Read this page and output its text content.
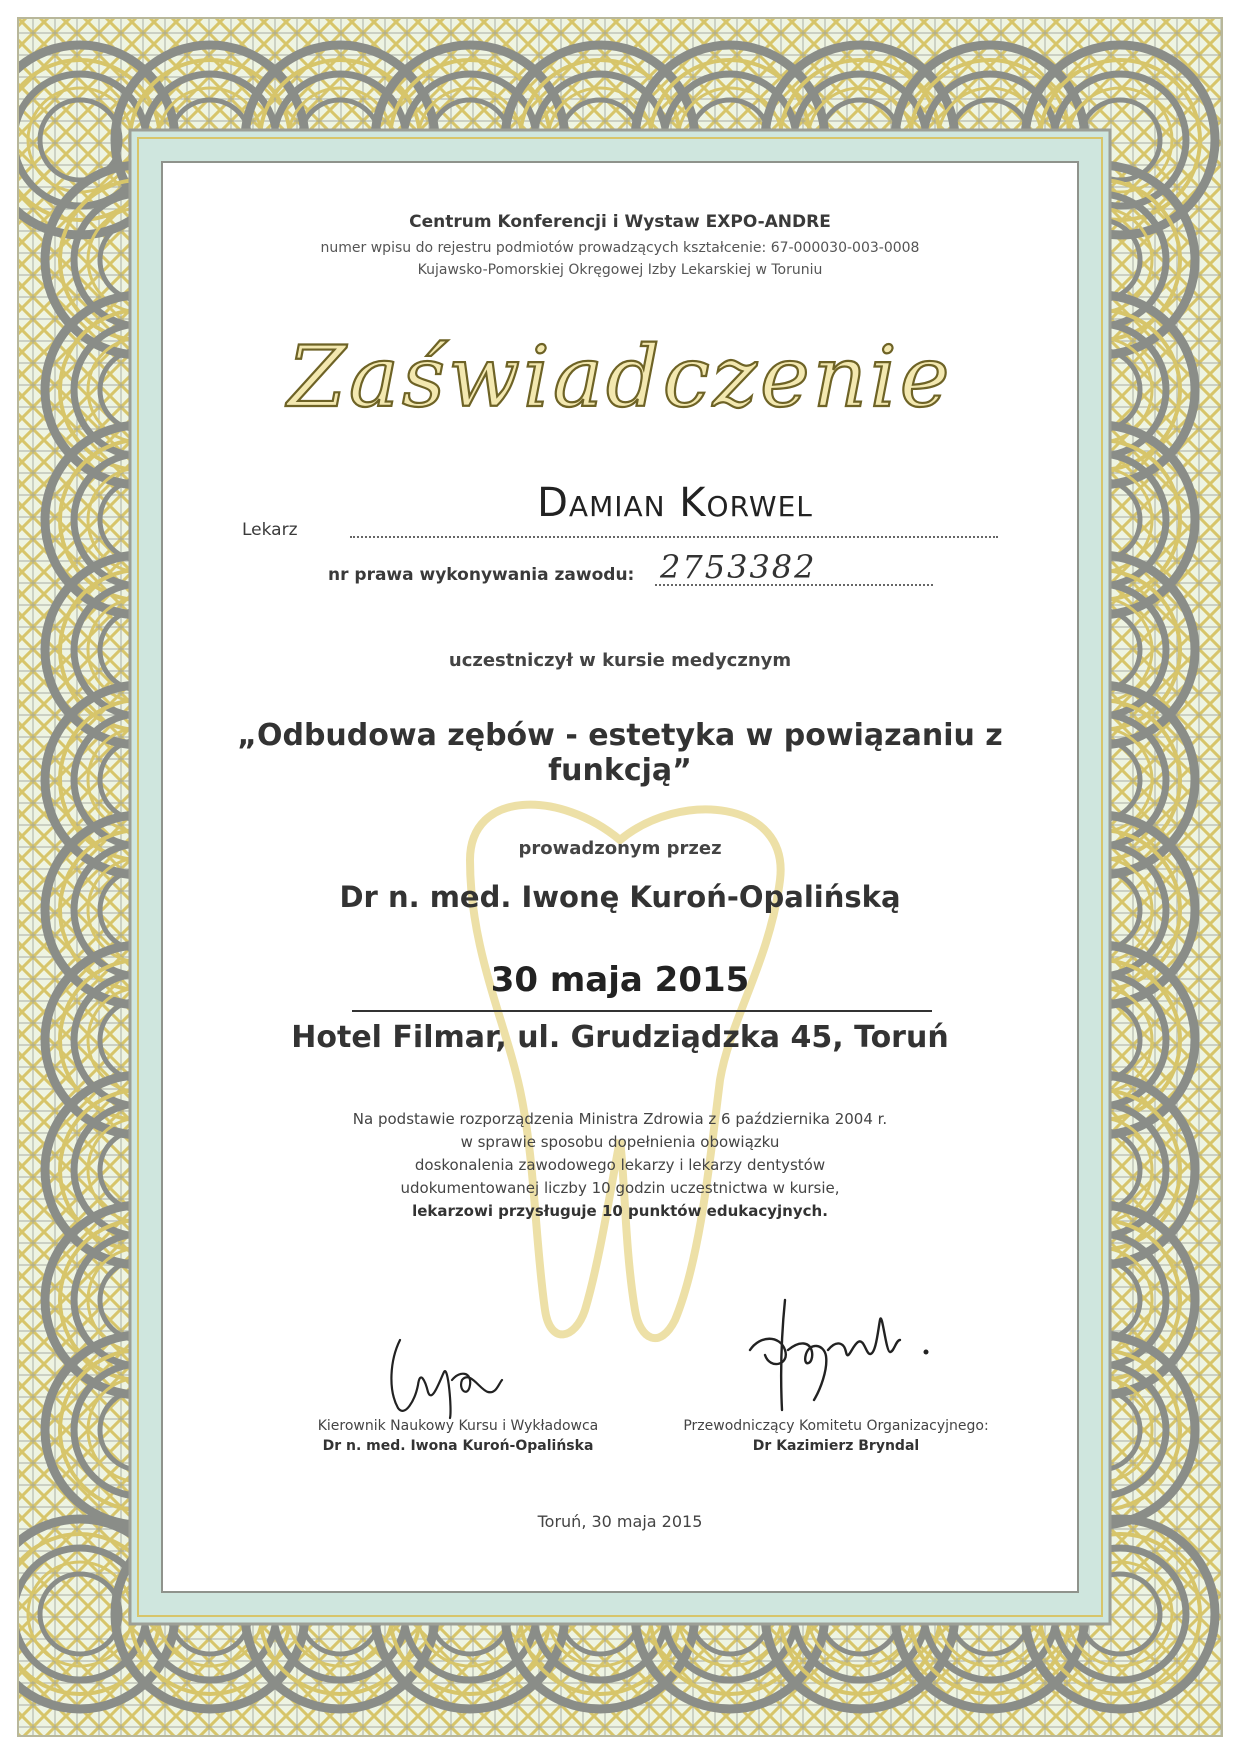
Centrum Konferencji i Wystaw EXPO-ANDRE
numer wpisu do rejestru podmiotów prowadzących kształcenie: 67-000030-003-0008
Kujawsko-Pomorskiej Okręgowej Izby Lekarskiej w Toruniu
Zaświadczenie
Lekarz
Damian Korwel
nr prawa wykonywania zawodu: 2753382
uczestniczył w kursie medycznym
„Odbudowa zębów - estetyka w powiązaniu z funkcją”
prowadzonym przez
Dr n. med. Iwonę Kuroń-Opalińską
30 maja 2015
Hotel Filmar, ul. Grudziądzka 45, Toruń
Na podstawie rozporządzenia Ministra Zdrowia z 6 października 2004 r.
w sprawie sposobu dopełnienia obowiązku
doskonalenia zawodowego lekarzy i lekarzy dentystów
udokumentowanej liczby 10 godzin uczestnictwa w kursie,
lekarzowi przysługuje 10 punktów edukacyjnych.
Kierownik Naukowy Kursu i Wykładowca
Dr n. med. Iwona Kuroń-Opalińska
Przewodniczący Komitetu Organizacyjnego:
Dr Kazimierz Bryndal
Toruń, 30 maja 2015
